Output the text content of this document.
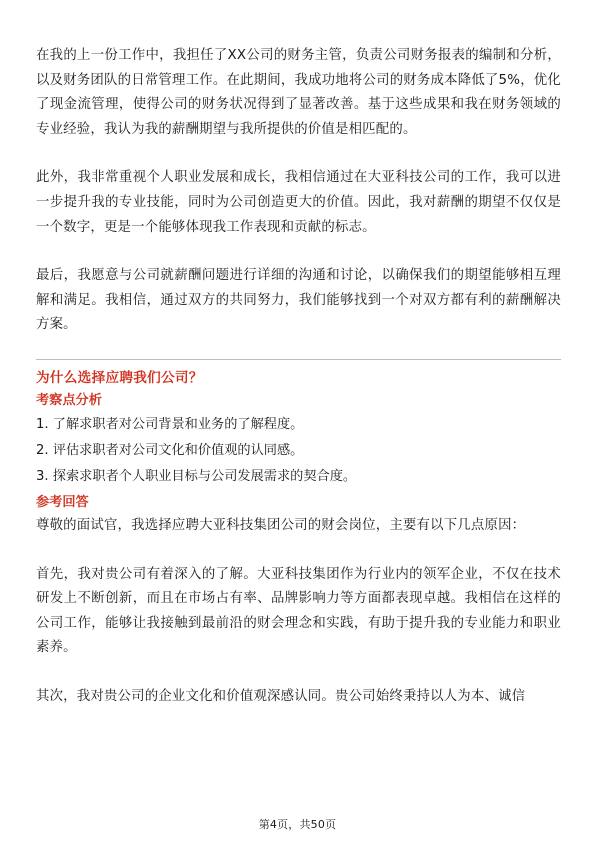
在我的上一份工作中，我担任了XX公司的财务主管，负责公司财务报表的编制和分析，以及财务团队的日常管理工作。在此期间，我成功地将公司的财务成本降低了5%，优化了现金流管理，使得公司的财务状况得到了显著改善。基于这些成果和我在财务领域的专业经验，我认为我的薪酬期望与我所提供的价值是相匹配的。

此外，我非常重视个人职业发展和成长，我相信通过在大亚科技公司的工作，我可以进一步提升我的专业技能，同时为公司创造更大的价值。因此，我对薪酬的期望不仅仅是一个数字，更是一个能够体现我工作表现和贡献的标志。

最后，我愿意与公司就薪酬问题进行详细的沟通和讨论，以确保我们的期望能够相互理解和满足。我相信，通过双方的共同努力，我们能够找到一个对双方都有利的薪酬解决方案。

为什么选择应聘我们公司？

考察点分析

1. 了解求职者对公司背景和业务的了解程度。

2. 评估求职者对公司文化和价值观的认同感。

3. 探索求职者个人职业目标与公司发展需求的契合度。

参考回答

尊敬的面试官，我选择应聘大亚科技集团公司的财会岗位，主要有以下几点原因：

首先，我对贵公司有着深入的了解。大亚科技集团作为行业内的领军企业，不仅在技术研发上不断创新，而且在市场占有率、品牌影响力等方面都表现卓越。我相信在这样的公司工作，能够让我接触到最前沿的财会理念和实践，有助于提升我的专业能力和职业素养。

其次，我对贵公司的企业文化和价值观深感认同。贵公司始终秉持以人为本、诚信

第4页，共50页
